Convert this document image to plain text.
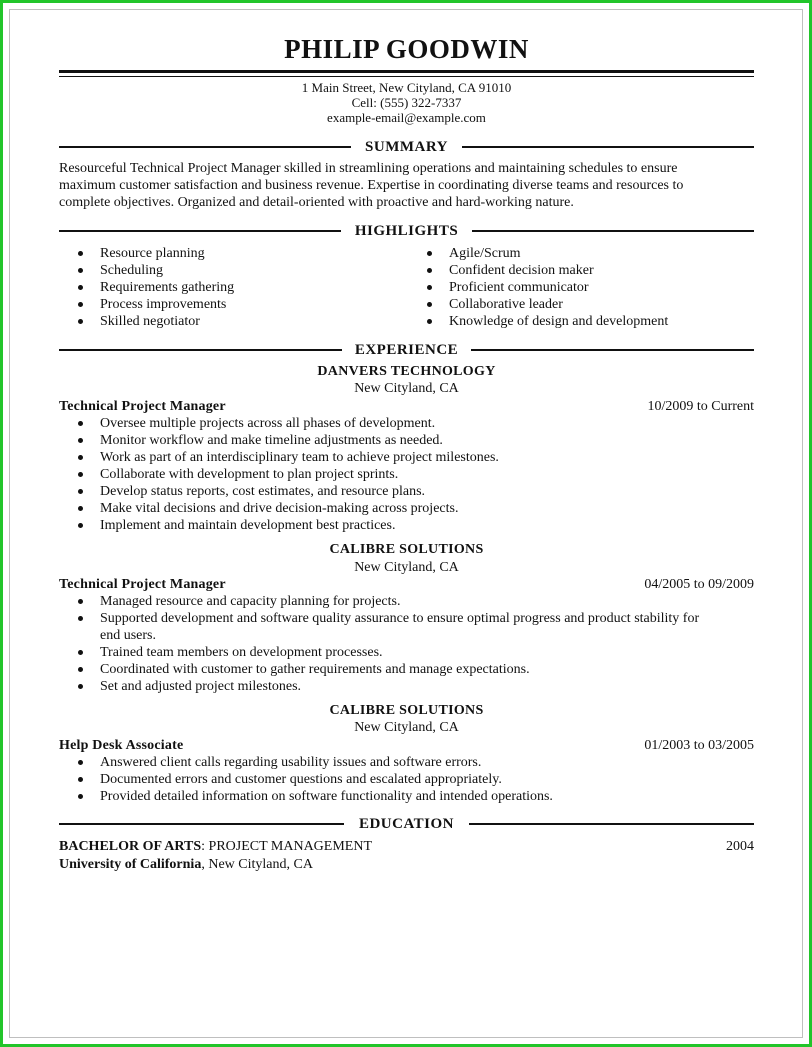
PHILIP GOODWIN
1 Main Street, New Cityland, CA 91010
Cell: (555) 322-7337
example-email@example.com
SUMMARY
Resourceful Technical Project Manager skilled in streamlining operations and maintaining schedules to ensure
maximum customer satisfaction and business revenue. Expertise in coordinating diverse teams and resources to
complete objectives. Organized and detail-oriented with proactive and hard-working nature.
HIGHLIGHTS
Resource planning
Scheduling
Requirements gathering
Process improvements
Skilled negotiator
Agile/Scrum
Confident decision maker
Proficient communicator
Collaborative leader
Knowledge of design and development
EXPERIENCE
DANVERS TECHNOLOGY
New Cityland, CA
Technical Project Manager	10/2009 to Current
Oversee multiple projects across all phases of development.
Monitor workflow and make timeline adjustments as needed.
Work as part of an interdisciplinary team to achieve project milestones.
Collaborate with development to plan project sprints.
Develop status reports, cost estimates, and resource plans.
Make vital decisions and drive decision-making across projects.
Implement and maintain development best practices.
CALIBRE SOLUTIONS
New Cityland, CA
Technical Project Manager	04/2005 to 09/2009
Managed resource and capacity planning for projects.
Supported development and software quality assurance to ensure optimal progress and product stability for
end users.
Trained team members on development processes.
Coordinated with customer to gather requirements and manage expectations.
Set and adjusted project milestones.
CALIBRE SOLUTIONS
New Cityland, CA
Help Desk Associate	01/2003 to 03/2005
Answered client calls regarding usability issues and software errors.
Documented errors and customer questions and escalated appropriately.
Provided detailed information on software functionality and intended operations.
EDUCATION
BACHELOR OF ARTS: PROJECT MANAGEMENT	2004
University of California, New Cityland, CA
